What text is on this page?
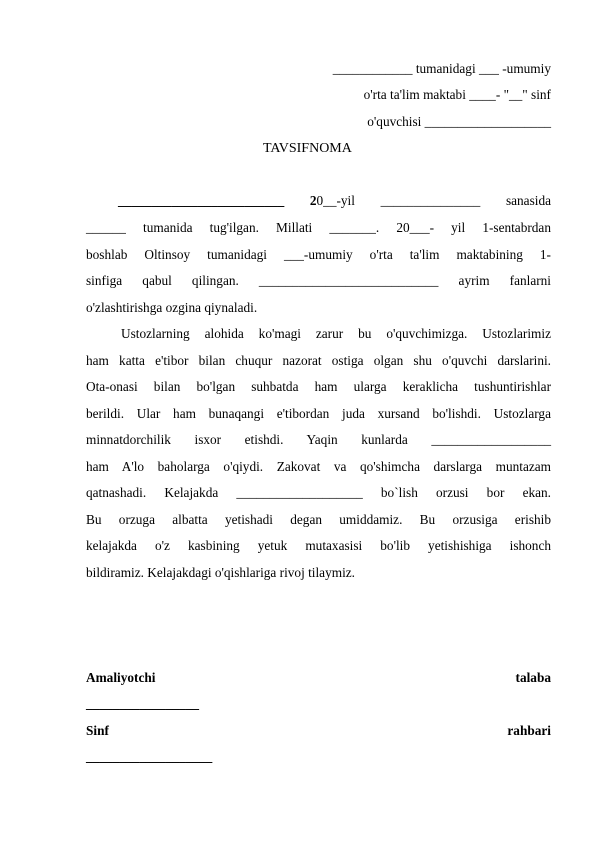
____________ tumanidagi ___ -umumiy
o'rta ta'lim maktabi ____- "__" sinf
o'quvchisi ___________________
TAVSIFNOMA
_________________________ 20__-yil _______________ sanasida
______ tumanida tug'ilgan. Millati _______. 20___- yil 1-sentabrdan
boshlab Oltinsoy tumanidagi ___-umumiy o'rta ta'lim maktabining 1-
sinfiga qabul qilingan. ___________________________ ayrim fanlarni
o'zlashtirishga ozgina qiynaladi.
Ustozlarning alohida ko'magi zarur bu o'quvchimizga. Ustozlarimiz
ham katta e'tibor bilan chuqur nazorat ostiga olgan shu o'quvchi darslarini.
Ota-onasi bilan bo'lgan suhbatda ham ularga keraklicha tushuntirishlar
berildi. Ular ham bunaqangi e'tibordan juda xursand bo'lishdi. Ustozlarga
minnatdorchilik isxor etishdi. Yaqin kunlarda __________________
ham A'lo baholarga o'qiydi. Zakovat va qo'shimcha darslarga muntazam
qatnashadi. Kelajakda ___________________ bo`lish orzusi bor ekan.
Bu orzuga albatta yetishadi degan umiddamiz. Bu orzusiga erishib
kelajakda o'z kasbining yetuk mutaxasisi bo'lib yetishishiga ishonch
bildiramiz. Kelajakdagi o'qishlariga rivoj tilaymiz.
Amaliyotchi	talaba
_________________
Sinf	rahbari
___________________
